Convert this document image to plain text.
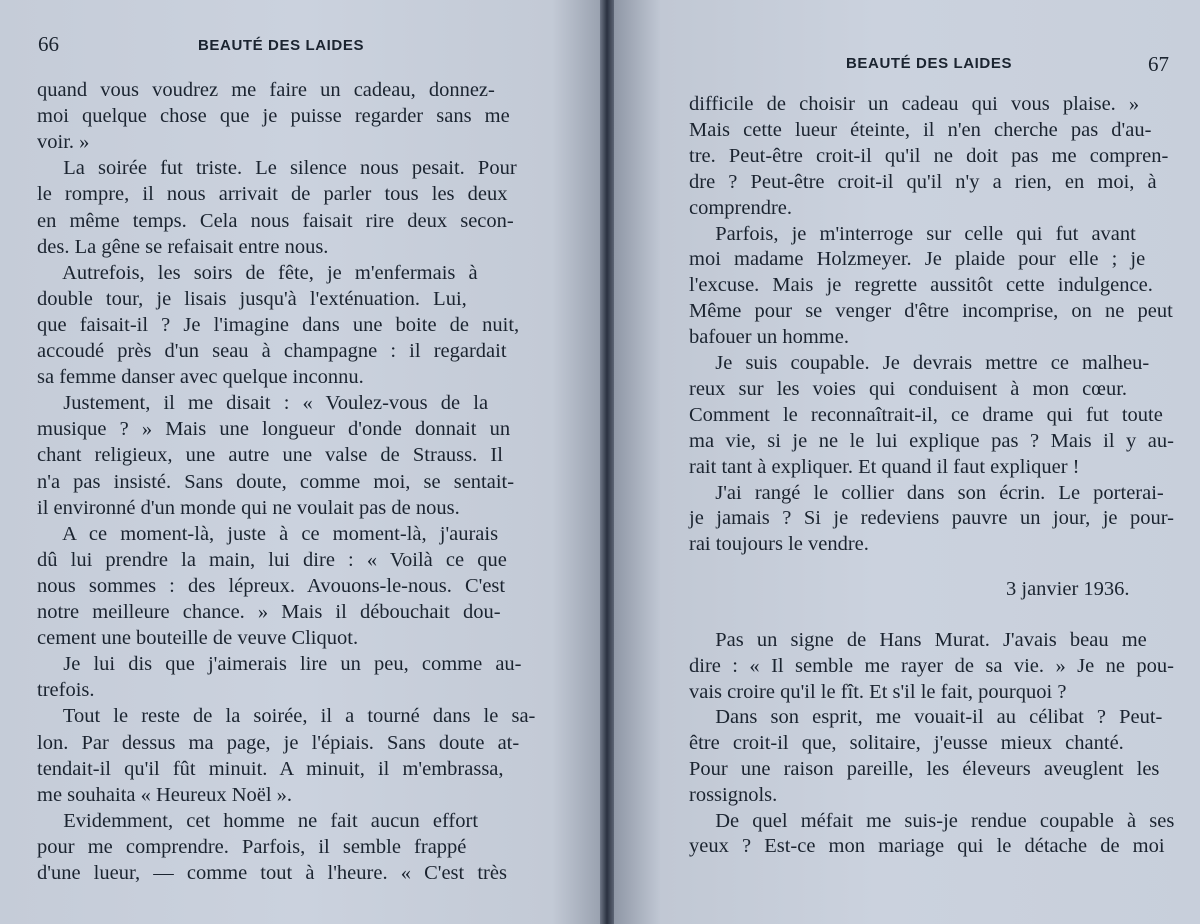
66	BEAUTÉ DES LAIDES
quand vous voudrez me faire un cadeau, donnez-
moi quelque chose que je puisse regarder sans me
voir. »
La soirée fut triste. Le silence nous pesait. Pour
le rompre, il nous arrivait de parler tous les deux
en même temps. Cela nous faisait rire deux secon-
des. La gêne se refaisait entre nous.
Autrefois, les soirs de fête, je m'enfermais à
double tour, je lisais jusqu'à l'exténuation. Lui,
que faisait-il ? Je l'imagine dans une boite de nuit,
accoudé près d'un seau à champagne : il regardait
sa femme danser avec quelque inconnu.
Justement, il me disait : « Voulez-vous de la
musique ? » Mais une longueur d'onde donnait un
chant religieux, une autre une valse de Strauss. Il
n'a pas insisté. Sans doute, comme moi, se sentait-
il environné d'un monde qui ne voulait pas de nous.
A ce moment-là, juste à ce moment-là, j'aurais
dû lui prendre la main, lui dire : « Voilà ce que
nous sommes : des lépreux. Avouons-le-nous. C'est
notre meilleure chance. » Mais il débouchait dou-
cement une bouteille de veuve Cliquot.
Je lui dis que j'aimerais lire un peu, comme au-
trefois.
Tout le reste de la soirée, il a tourné dans le sa-
lon. Par dessus ma page, je l'épiais. Sans doute at-
tendait-il qu'il fût minuit. A minuit, il m'embrassa,
me souhaita « Heureux Noël ».
Evidemment, cet homme ne fait aucun effort
pour me comprendre. Parfois, il semble frappé
d'une lueur, — comme tout à l'heure. « C'est très
BEAUTÉ DES LAIDES	67
difficile de choisir un cadeau qui vous plaise. »
Mais cette lueur éteinte, il n'en cherche pas d'au-
tre. Peut-être croit-il qu'il ne doit pas me compren-
dre ? Peut-être croit-il qu'il n'y a rien, en moi, à
comprendre.
Parfois, je m'interroge sur celle qui fut avant
moi madame Holzmeyer. Je plaide pour elle ; je
l'excuse. Mais je regrette aussitôt cette indulgence.
Même pour se venger d'être incomprise, on ne peut
bafouer un homme.
Je suis coupable. Je devrais mettre ce malheu-
reux sur les voies qui conduisent à mon cœur.
Comment le reconnaîtrait-il, ce drame qui fut toute
ma vie, si je ne le lui explique pas ? Mais il y au-
rait tant à expliquer. Et quand il faut expliquer !
J'ai rangé le collier dans son écrin. Le porterai-
je jamais ? Si je redeviens pauvre un jour, je pour-
rai toujours le vendre.
3 janvier 1936.
Pas un signe de Hans Murat. J'avais beau me
dire : « Il semble me rayer de sa vie. » Je ne pou-
vais croire qu'il le fît. Et s'il le fait, pourquoi ?
Dans son esprit, me vouait-il au célibat ? Peut-
être croit-il que, solitaire, j'eusse mieux chanté.
Pour une raison pareille, les éleveurs aveuglent les
rossignols.
De quel méfait me suis-je rendue coupable à ses
yeux ? Est-ce mon mariage qui le détache de moi
